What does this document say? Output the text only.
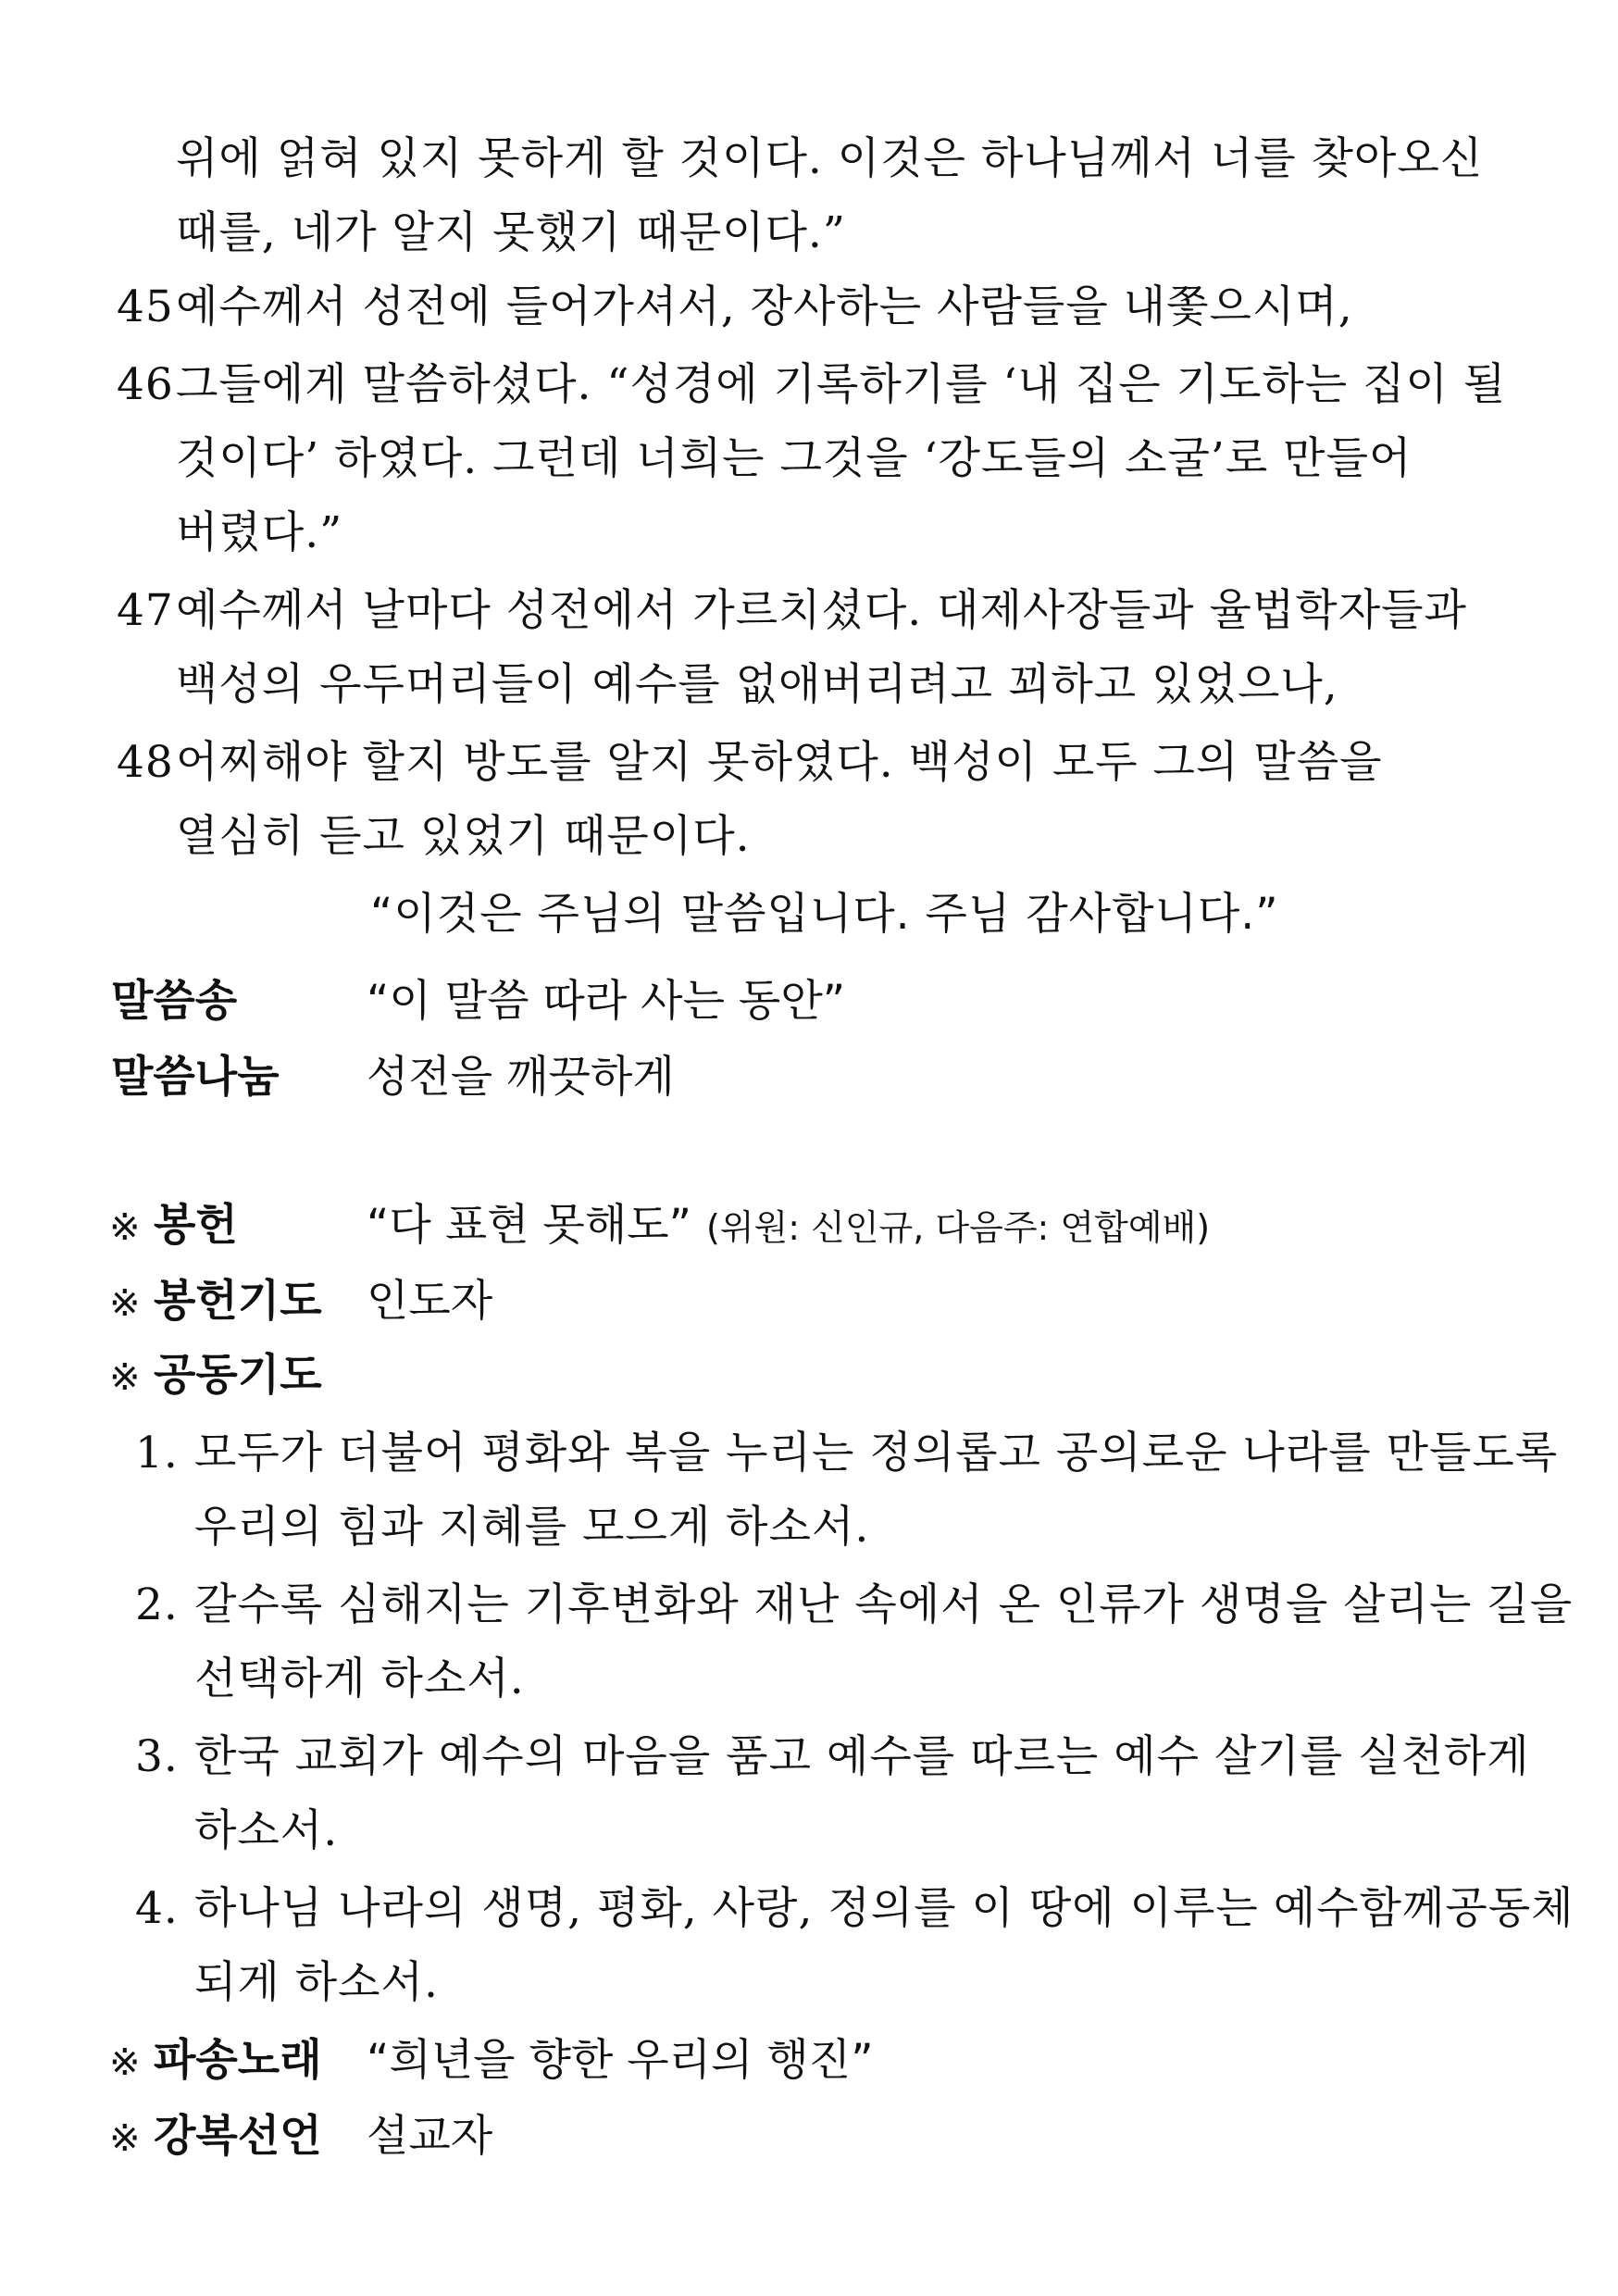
위에 얽혀 있지 못하게 할 것이다. 이것은 하나님께서 너를 찾아오신
때를, 네가 알지 못했기 때문이다.”
45예수께서 성전에 들어가셔서, 장사하는 사람들을 내쫓으시며,
46그들에게 말씀하셨다. “성경에 기록하기를 ‘내 집은 기도하는 집이 될
것이다’ 하였다. 그런데 너희는 그것을 ‘강도들의 소굴’로 만들어
버렸다.”
47예수께서 날마다 성전에서 가르치셨다. 대제사장들과 율법학자들과
백성의 우두머리들이 예수를 없애버리려고 꾀하고 있었으나,
48어찌해야 할지 방도를 알지 못하였다. 백성이 모두 그의 말씀을
열심히 듣고 있었기 때문이다.
“이것은 주님의 말씀입니다. 주님 감사합니다.”
말씀송	“이 말씀 따라 사는 동안”
말씀나눔 성전을 깨끗하게
※ 봉헌	“다 표현 못해도” (위원: 신인규, 다음주: 연합예배)
※ 봉헌기도 인도자
※ 공동기도
1. 모두가 더불어 평화와 복을 누리는 정의롭고 공의로운 나라를 만들도록
우리의 힘과 지혜를 모으게 하소서.
2. 갈수록 심해지는 기후변화와 재난 속에서 온 인류가 생명을 살리는 길을
선택하게 하소서.
3. 한국 교회가 예수의 마음을 품고 예수를 따르는 예수 살기를 실천하게
하소서.
4. 하나님 나라의 생명, 평화, 사랑, 정의를 이 땅에 이루는 예수함께공동체
되게 하소서.
※ 파송노래 “희년을 향한 우리의 행진”
※ 강복선언 설교자
